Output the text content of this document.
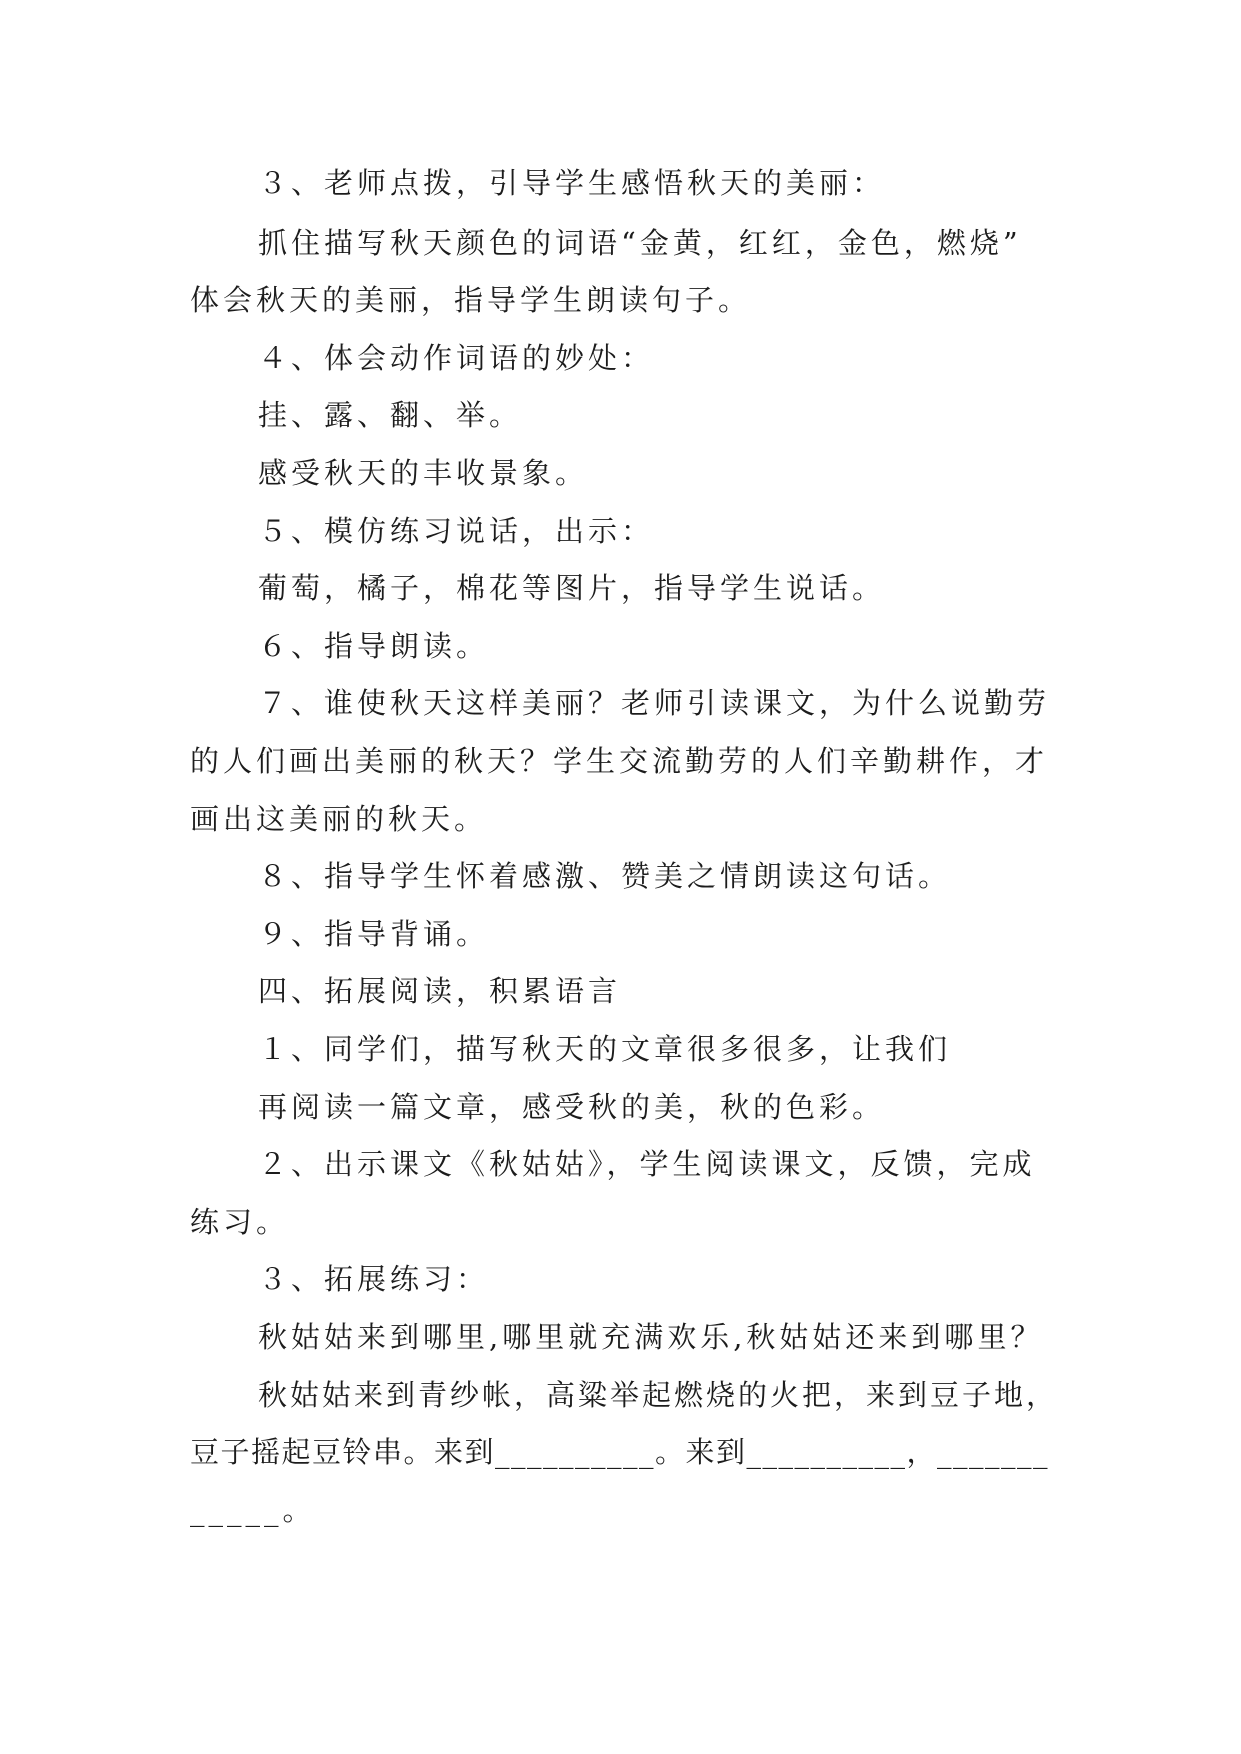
３、老师点拨，引导学生感悟秋天的美丽：

抓住描写秋天颜色的词语“金黄，红红，金色，燃烧”

体会秋天的美丽，指导学生朗读句子。

４、体会动作词语的妙处：

挂、露、翻、举。

感受秋天的丰收景象。

５、模仿练习说话，出示：

葡萄，橘子，棉花等图片，指导学生说话。

６、指导朗读。

７、谁使秋天这样美丽？老师引读课文，为什么说勤劳

的人们画出美丽的秋天？学生交流勤劳的人们辛勤耕作，才

画出这美丽的秋天。

８、指导学生怀着感激、赞美之情朗读这句话。

９、指导背诵。

四、拓展阅读，积累语言

１、同学们，描写秋天的文章很多很多，让我们

再阅读一篇文章，感受秋的美，秋的色彩。

２、出示课文《秋姑姑》，学生阅读课文，反馈，完成

练习。

３、拓展练习：

秋姑姑来到哪里,哪里就充满欢乐,秋姑姑还来到哪里？

秋姑姑来到青纱帐，高粱举起燃烧的火把，来到豆子地，

豆子摇起豆铃串。来到__________。来到__________，_______

_____。
